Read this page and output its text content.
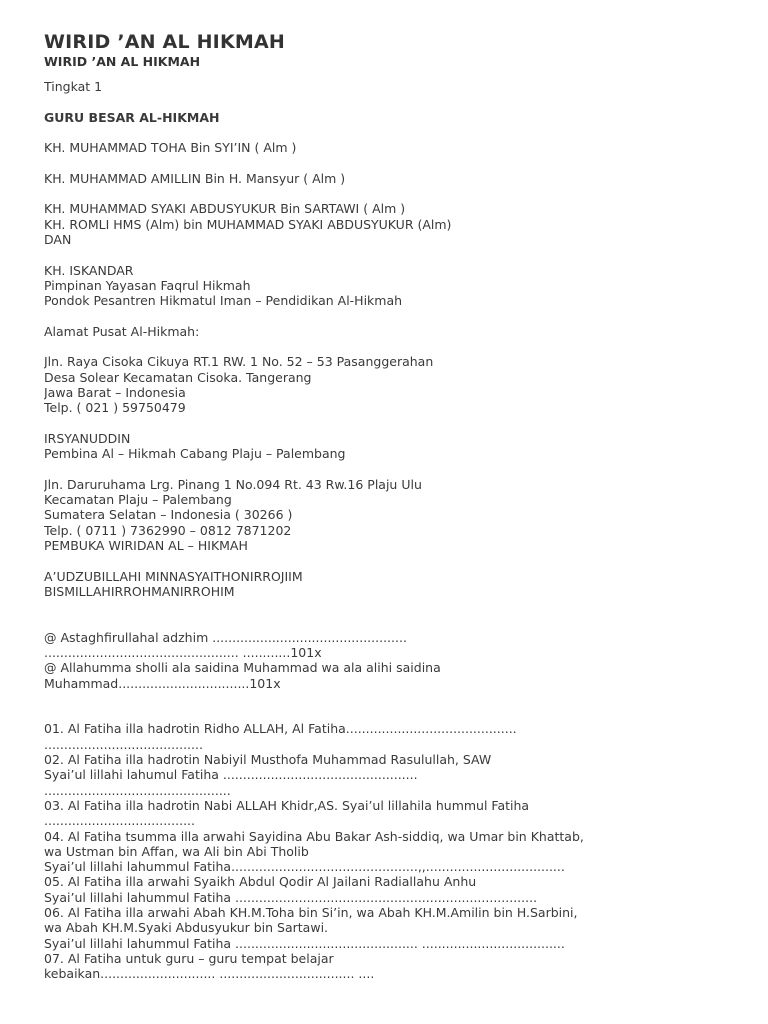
WIRID ’AN AL HIKMAH
WIRID ’AN AL HIKMAH
Tingkat 1
GURU BESAR AL-HIKMAH
KH. MUHAMMAD TOHA Bin SYI’IN ( Alm )
KH. MUHAMMAD AMILLIN Bin H. Mansyur ( Alm )
KH. MUHAMMAD SYAKI ABDUSYUKUR Bin SARTAWI ( Alm )
KH. ROMLI HMS (Alm) bin MUHAMMAD SYAKI ABDUSYUKUR (Alm)
DAN
KH. ISKANDAR
Pimpinan Yayasan Faqrul Hikmah
Pondok Pesantren Hikmatul Iman – Pendidikan Al-Hikmah
Alamat Pusat Al-Hikmah:
Jln. Raya Cisoka Cikuya RT.1 RW. 1 No. 52 – 53 Pasanggerahan
Desa Solear Kecamatan Cisoka. Tangerang
Jawa Barat – Indonesia
Telp. ( 021 ) 59750479
IRSYANUDDIN
Pembina Al – Hikmah Cabang Plaju – Palembang
Jln. Daruruhama Lrg. Pinang 1 No.094 Rt. 43 Rw.16 Plaju Ulu
Kecamatan Plaju – Palembang
Sumatera Selatan – Indonesia ( 30266 )
Telp. ( 0711 ) 7362990 – 0812 7871202
PEMBUKA WIRIDAN AL – HIKMAH
A’UDZUBILLAHI MINNASYAITHONIRROJIIM
BISMILLAHIRROHMANIRROHIM
@ Astaghfirullahal adzhim .................................................
................................................. ............101x
@ Allahumma sholli ala saidina Muhammad wa ala alihi saidina
Muhammad.................................101x
01. Al Fatiha illa hadrotin Ridho ALLAH, Al Fatiha...........................................
........................................
02. Al Fatiha illa hadrotin Nabiyil Musthofa Muhammad Rasulullah, SAW
Syai’ul lillahi lahumul Fatiha .................................................
...............................................
03. Al Fatiha illa hadrotin Nabi ALLAH Khidr,AS. Syai’ul lillahila hummul Fatiha
......................................
04. Al Fatiha tsumma illa arwahi Sayidina Abu Bakar Ash-siddiq, wa Umar bin Khattab,
wa Ustman bin Affan, wa Ali bin Abi Tholib
Syai’ul lillahi lahummul Fatiha...............................................,,...................................
05. Al Fatiha illa arwahi Syaikh Abdul Qodir Al Jailani Radiallahu Anhu
Syai’ul lillahi lahummul Fatiha ............................................................................
06. Al Fatiha illa arwahi Abah KH.M.Toha bin Si’in, wa Abah KH.M.Amilin bin H.Sarbini,
wa Abah KH.M.Syaki Abdusyukur bin Sartawi.
Syai’ul lillahi lahummul Fatiha .............................................. ....................................
07. Al Fatiha untuk guru – guru tempat belajar
kebaikan............................. .................................. ....
